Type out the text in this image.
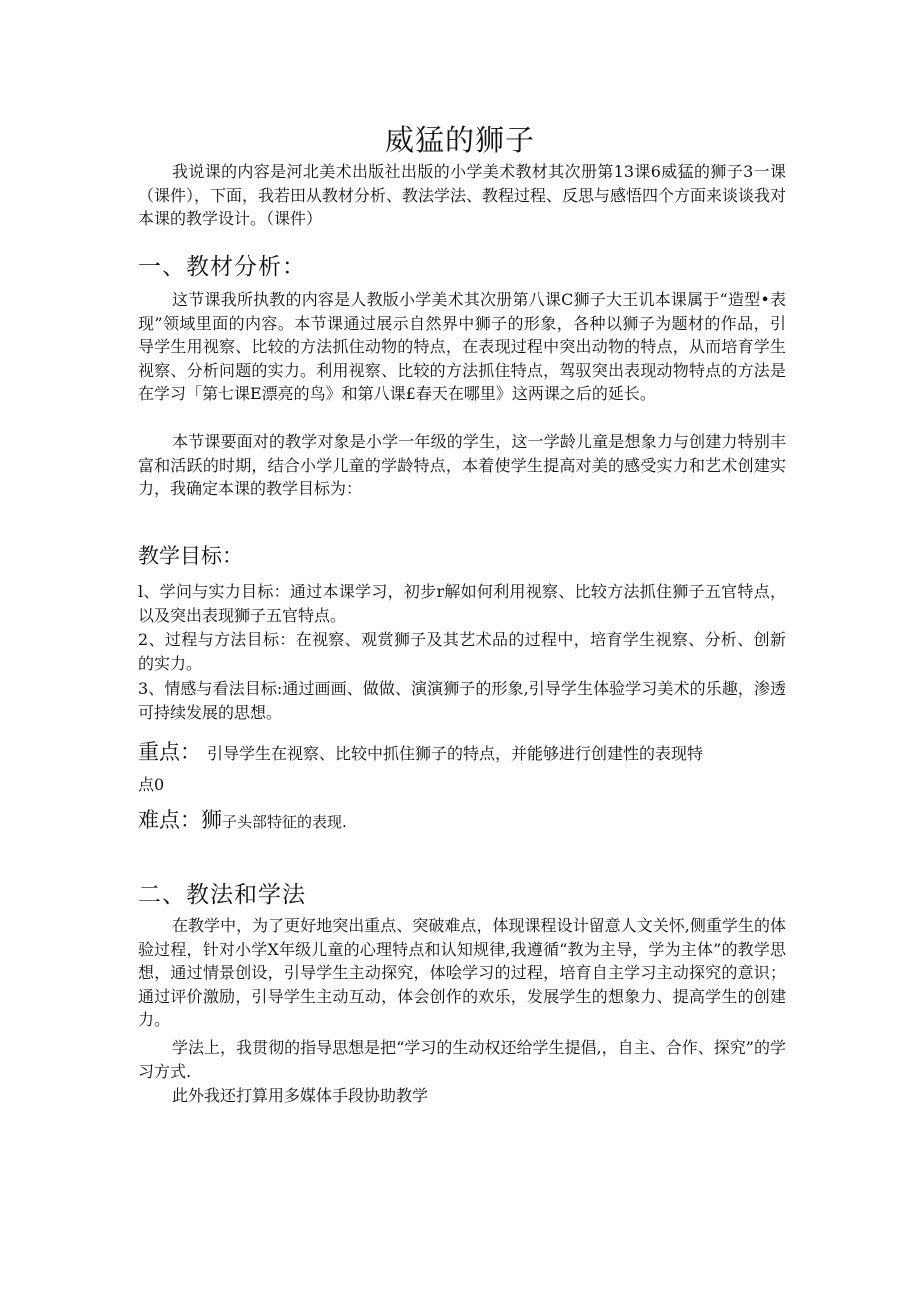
威猛的狮子

我说课的内容是河北美术出版社出版的小学美术教材其次册第13课6威猛的狮子3一课（课件），下面，我若田从教材分析、教法学法、教程过程、反思与感悟四个方面来谈谈我对本课的教学设计。（课件）

一、教材分析：

这节课我所执教的内容是人教版小学美术其次册第八课C狮子大王讥本课属于“造型•表现”领域里面的内容。本节课通过展示自然界中狮子的形象，各种以狮子为题材的作品，引导学生用视察、比较的方法抓住动物的特点，在表现过程中突出动物的特点，从而培育学生视察、分析问题的实力。利用视察、比较的方法抓住特点，驾驭突出表现动物特点的方法是在学习「第七课E漂亮的鸟》和第八课£春天在哪里》这两课之后的延长。

本节课要面对的教学对象是小学一年级的学生，这一学龄儿童是想象力与创建力特别丰富和活跃的时期，结合小学儿童的学龄特点，本着使学生提高对美的感受实力和艺术创建实力，我确定本课的教学目标为：

教学目标：

l、学问与实力目标：通过本课学习，初步r解如何利用视察、比较方法抓住狮子五官特点，以及突出表现狮子五官特点。

2、过程与方法目标：在视察、观赏狮子及其艺术品的过程中，培育学生视察、分析、创新的实力。

3、情感与看法目标:通过画画、做做、演演狮子的形象,引导学生体验学习美术的乐趣，渗透可持续发展的思想。

重点： 引导学生在视察、比较中抓住狮子的特点，并能够进行创建性的表现特
点0
难点：狮子头部特征的表现.
二、教法和学法

在教学中，为了更好地突出重点、突破难点，体现课程设计留意人文关怀,侧重学生的体验过程，针对小学X年级儿童的心理特点和认知规律,我遵循“教为主导，学为主体”的教学思想，通过情景创设，引导学生主动探究，体哙学习的过程，培育自主学习主动探究的意识；通过评价激励，引导学生主动互动，体会创作的欢乐，发展学生的想象力、提高学生的创建力。

学法上，我贯彻的指导思想是把“学习的生动权还给学生提倡,，自主、合作、探究”的学习方式.

此外我还打算用多媒体手段协助教学
